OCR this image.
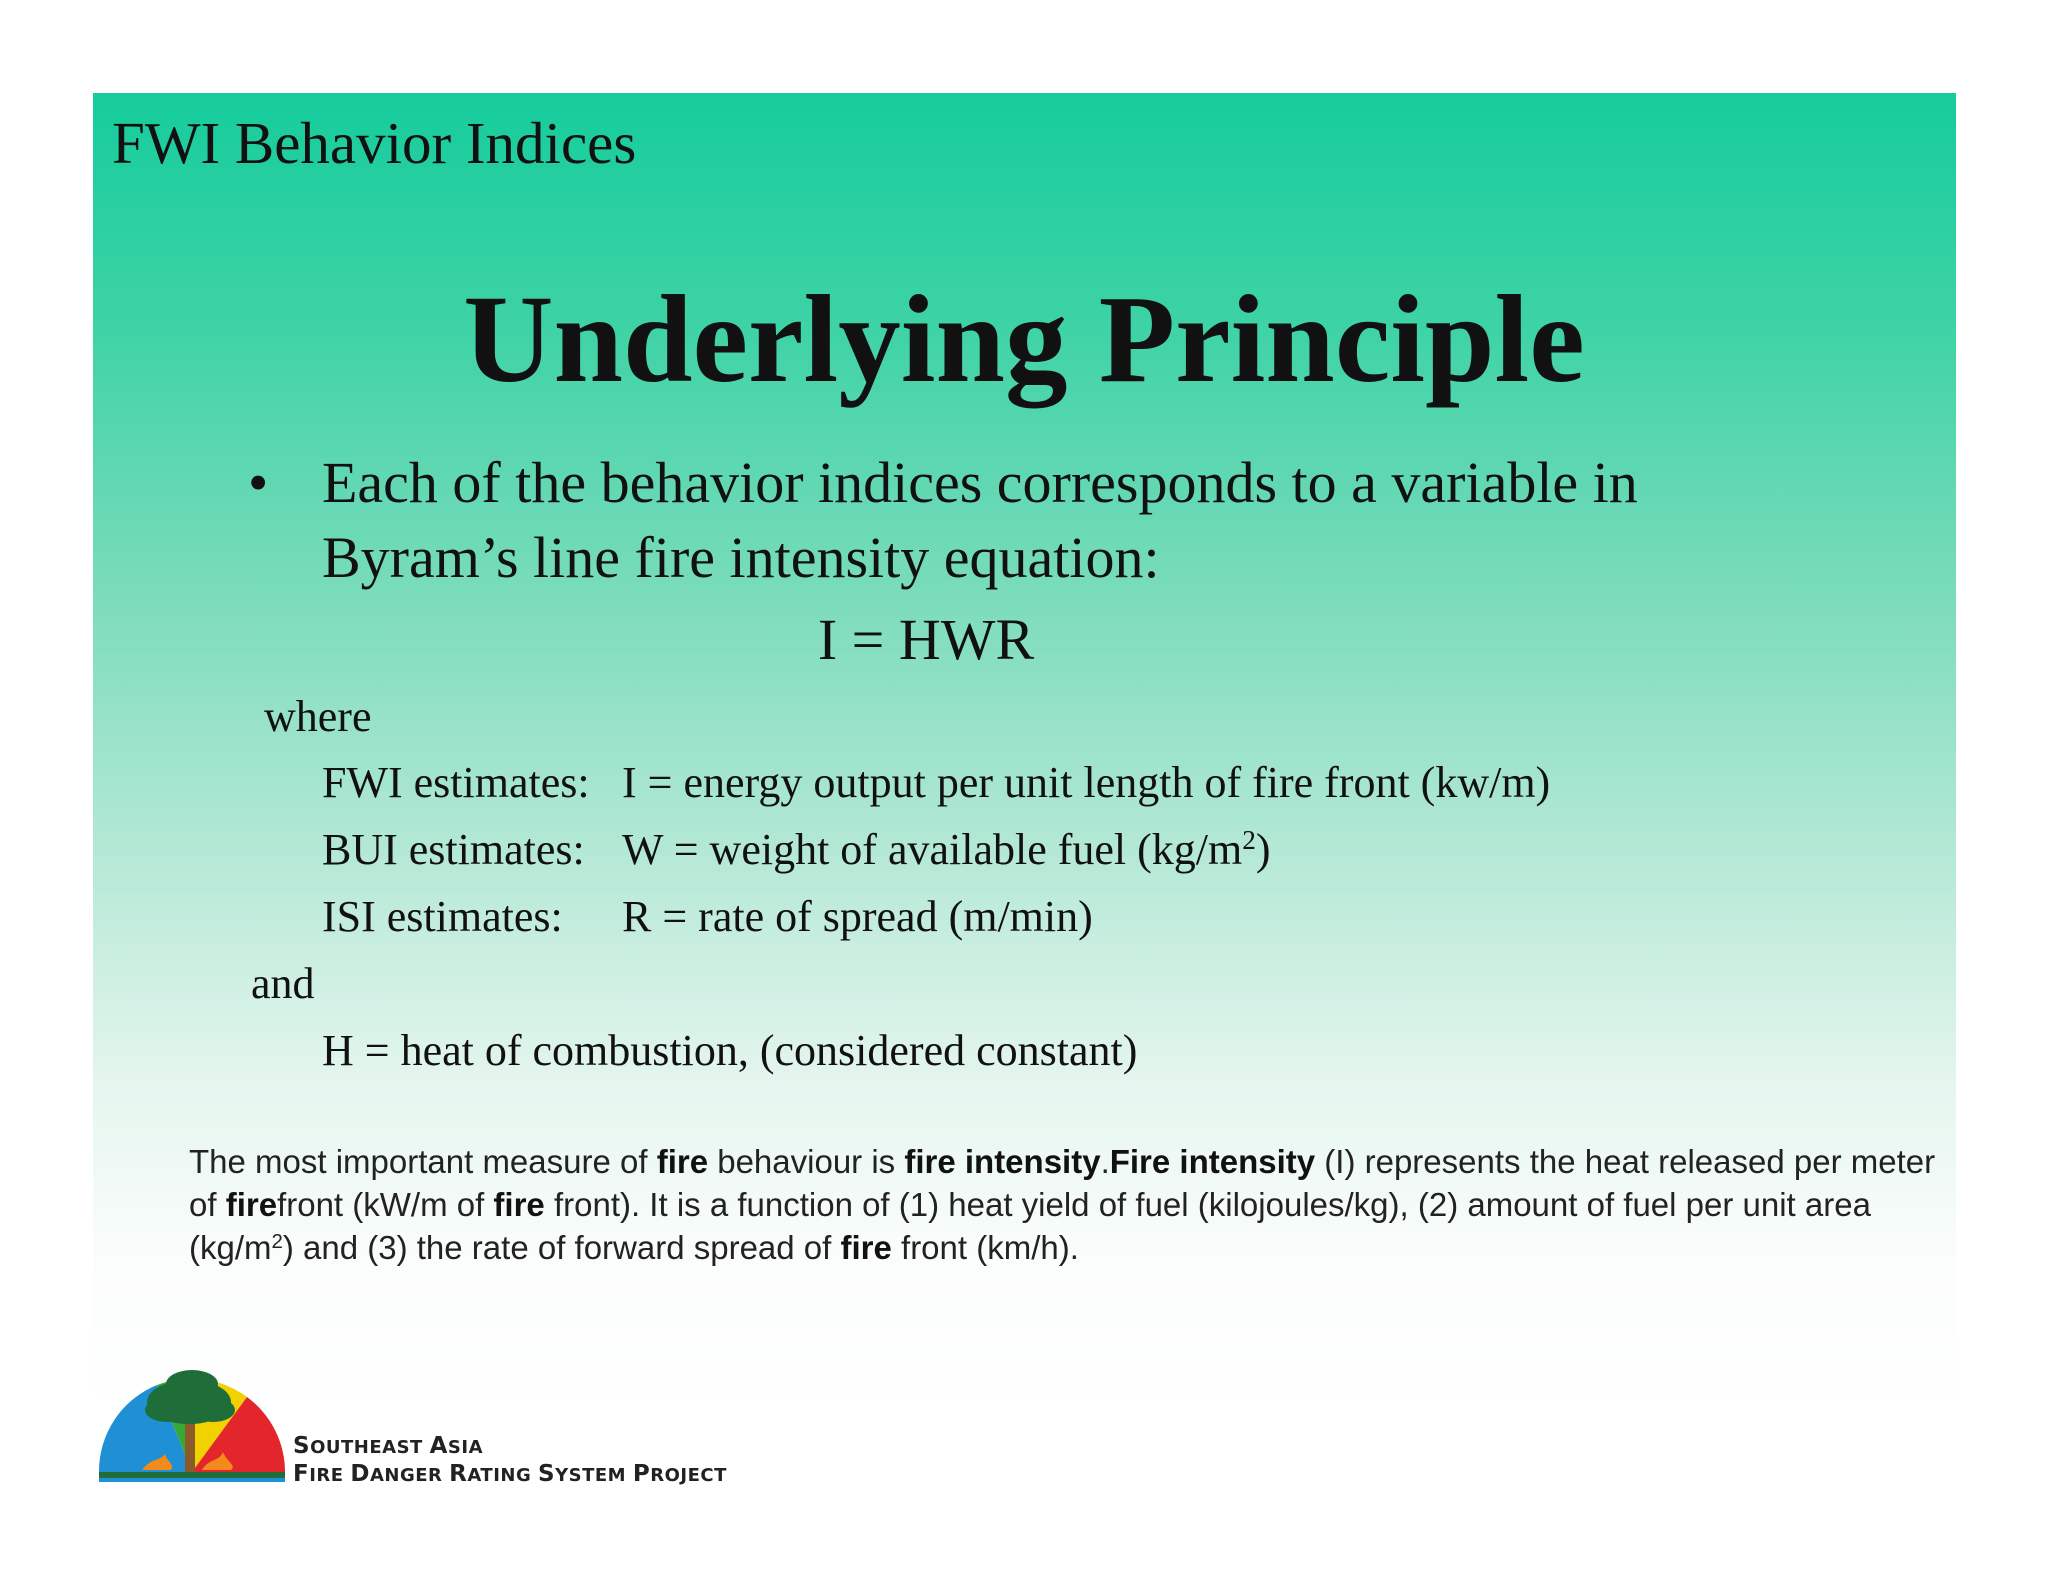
FWI Behavior Indices
Underlying Principle
• Each of the behavior indices corresponds to a variable in
Byram’s line fire intensity equation:
I = HWR
where
FWI estimates: I = energy output per unit length of fire front (kw/m)
BUI estimates: W = weight of available fuel $(kg/m^2)$
ISI estimates: R = rate of spread (m/min)
and
H = heat of combustion, (considered constant)
The most important measure of fire behaviour is fire intensity.Fire intensity (I) represents the heat released per meter of firefront (kW/m of fire front). It is a function of (1) heat yield of fuel (kilojoules/kg), (2) amount of fuel per unit area $(kg/m^2)$ and (3) the rate of forward spread of fire front (km/h).
SOUTHEAST ASIA
FIRE DANGER RATING SYSTEM PROJECT
